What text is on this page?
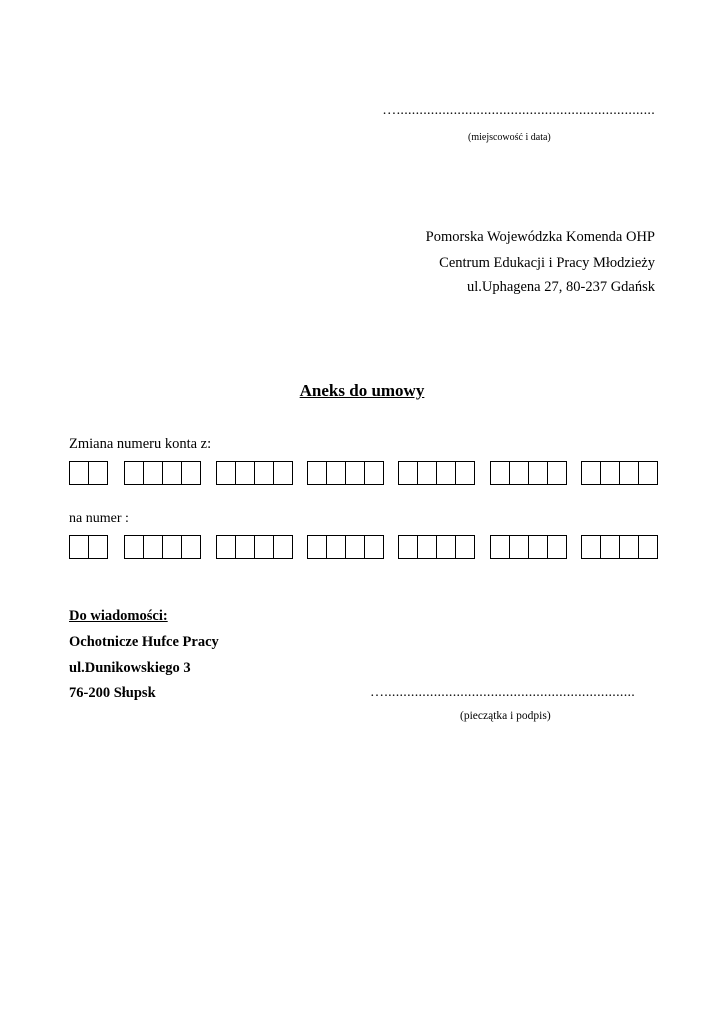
…....................................................................
(miejscowość i data)
Pomorska Wojewódzka Komenda OHP
Centrum Edukacji i Pracy Młodzieży
ul.Uphagena 27, 80-237 Gdańsk
Aneks do umowy
Zmiana numeru konta z:
na numer :
Do wiadomości:
Ochotnicze Hufce Pracy
ul.Dunikowskiego 3
76-200 Słupsk	…..................................................................
(pieczątka i podpis)
